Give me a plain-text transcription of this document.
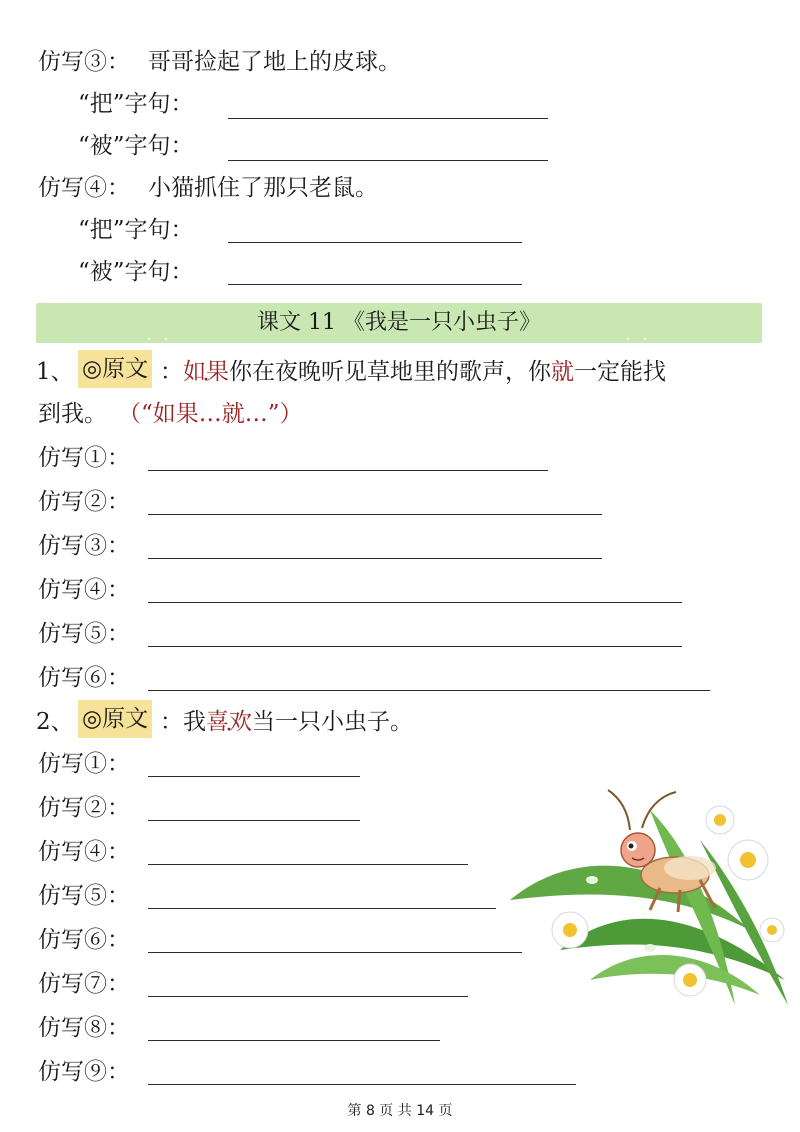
仿写③： 哥哥捡起了地上的皮球。
“把”字句：
“被”字句：
仿写④： 小猫抓住了那只老鼠。
“把”字句：
“被”字句：
• •
课文 11 《我是一只小虫子》
• •
1、 ◎原文 ：如果你在夜晚听见草地里的歌声，你就一定能找
到我。 （“如果…就…”）
仿写①：
仿写②：
仿写③：
仿写④：
仿写⑤：
仿写⑥：
2、 ◎原文 ：我喜欢当一只小虫子。
仿写①：
仿写②：
仿写④：
仿写⑤：
仿写⑥：
仿写⑦：
仿写⑧：
仿写⑨：
第 8 页 共 14 页
